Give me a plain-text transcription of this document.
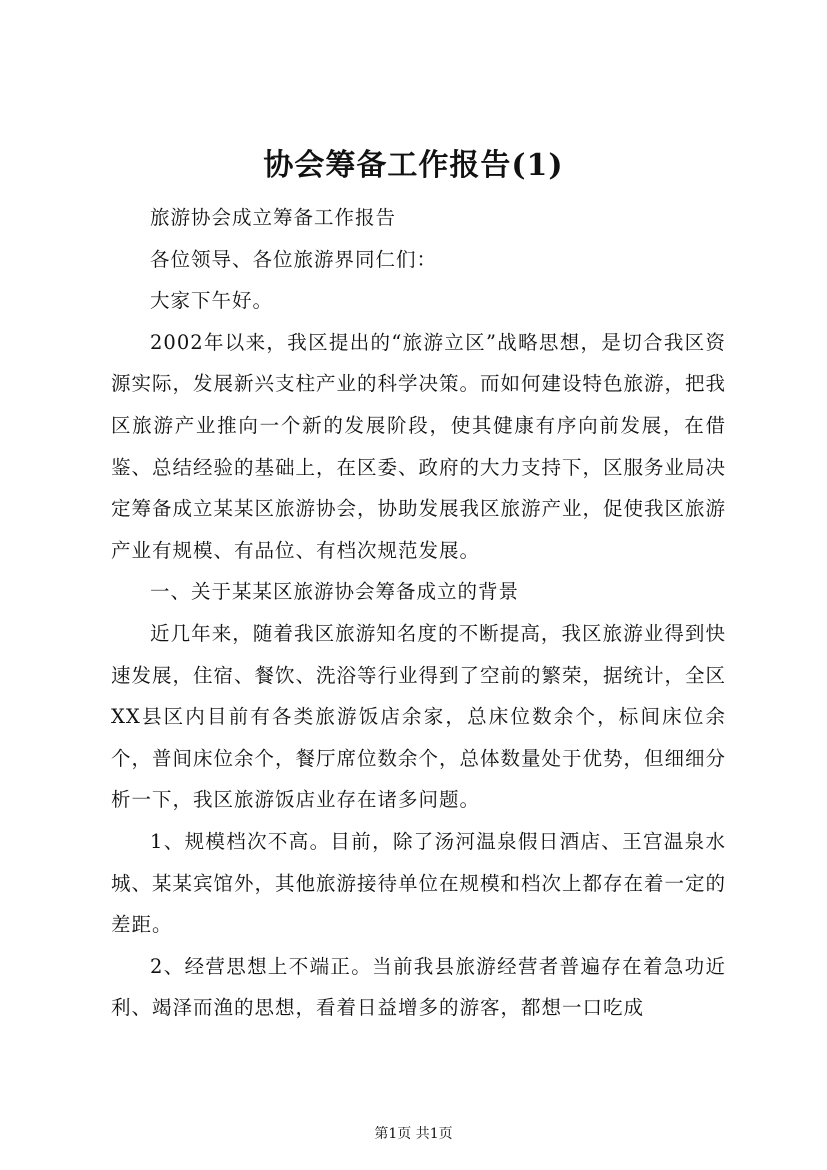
协会筹备工作报告(1)

旅游协会成立筹备工作报告

各位领导、各位旅游界同仁们：

大家下午好。

2002年以来，我区提出的“旅游立区”战略思想，是切合我区资源实际，发展新兴支柱产业的科学决策。而如何建设特色旅游，把我区旅游产业推向一个新的发展阶段，使其健康有序向前发展，在借鉴、总结经验的基础上，在区委、政府的大力支持下，区服务业局决定筹备成立某某区旅游协会，协助发展我区旅游产业，促使我区旅游产业有规模、有品位、有档次规范发展。

一、关于某某区旅游协会筹备成立的背景

近几年来，随着我区旅游知名度的不断提高，我区旅游业得到快速发展，住宿、餐饮、洗浴等行业得到了空前的繁荣，据统计，全区XX县区内目前有各类旅游饭店余家，总床位数余个，标间床位余个，普间床位余个，餐厅席位数余个，总体数量处于优势，但细细分析一下，我区旅游饭店业存在诸多问题。

1、规模档次不高。目前，除了汤河温泉假日酒店、王宫温泉水城、某某宾馆外，其他旅游接待单位在规模和档次上都存在着一定的差距。

2、经营思想上不端正。当前我县旅游经营者普遍存在着急功近利、竭泽而渔的思想，看着日益增多的游客，都想一口吃成

第1页 共1页
